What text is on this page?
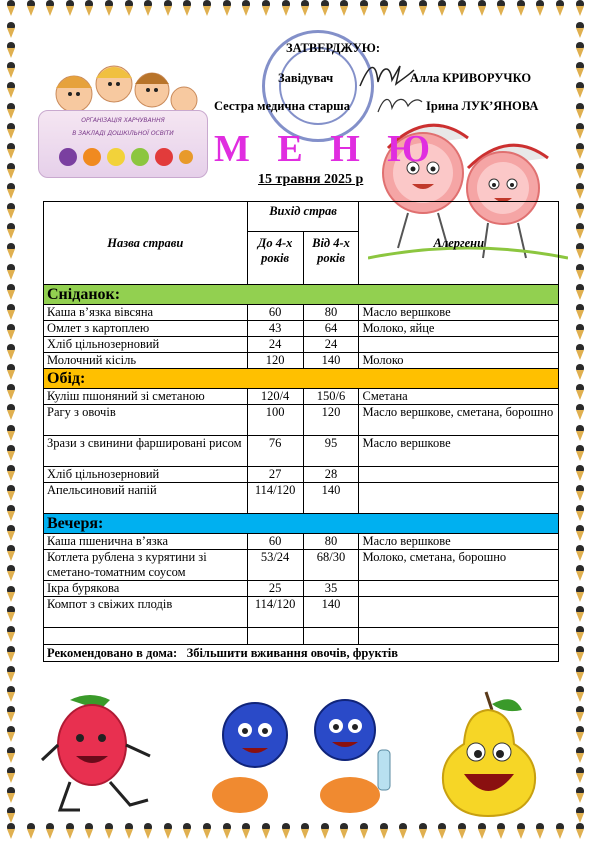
ЗАТВЕРДЖУЮ:
Завідувач	Алла КРИВОРУЧКО
Сестра медична старша	Ірина ЛУК’ЯНОВА
ОРГАНІЗАЦІЯ ХАРЧУВАННЯ
В ЗАКЛАДІ ДОШКІЛЬНОЇ ОСВІТИ	М Е Н Ю
15 травня 2025 р
Назва страви	Вихід страв		Алергени
	До 4-х років	Від 4-х років	
Сніданок:			
Каша в’язка вівсяна	60	80	Масло вершкове
Омлет з картоплею	43	64	Молоко, яйце
Хліб цільнозерновий	24	24	
Молочний кісіль	120	140	Молоко
Обід:			
Куліш пшоняний зі сметаною	120/4	150/6	Сметана
Рагу з овочів	100	120	Масло вершкове, сметана, борошно
Зрази з свинини фаршировані рисом	76	95	Масло вершкове
Хліб цільнозерновий	27	28	
Апельсиновий напій	114/120	140	
Вечеря:			
Каша пшенична в’язка	60	80	Масло вершкове
Котлета рублена з курятини зі сметано-томатним соусом	53/24	68/30	Молоко, сметана, борошно
Ікра бурякова	25	35	
Компот з свіжих плодів	114/120	140	

Рекомендовано в дома: Збільшити вживання овочів, фруктів			
